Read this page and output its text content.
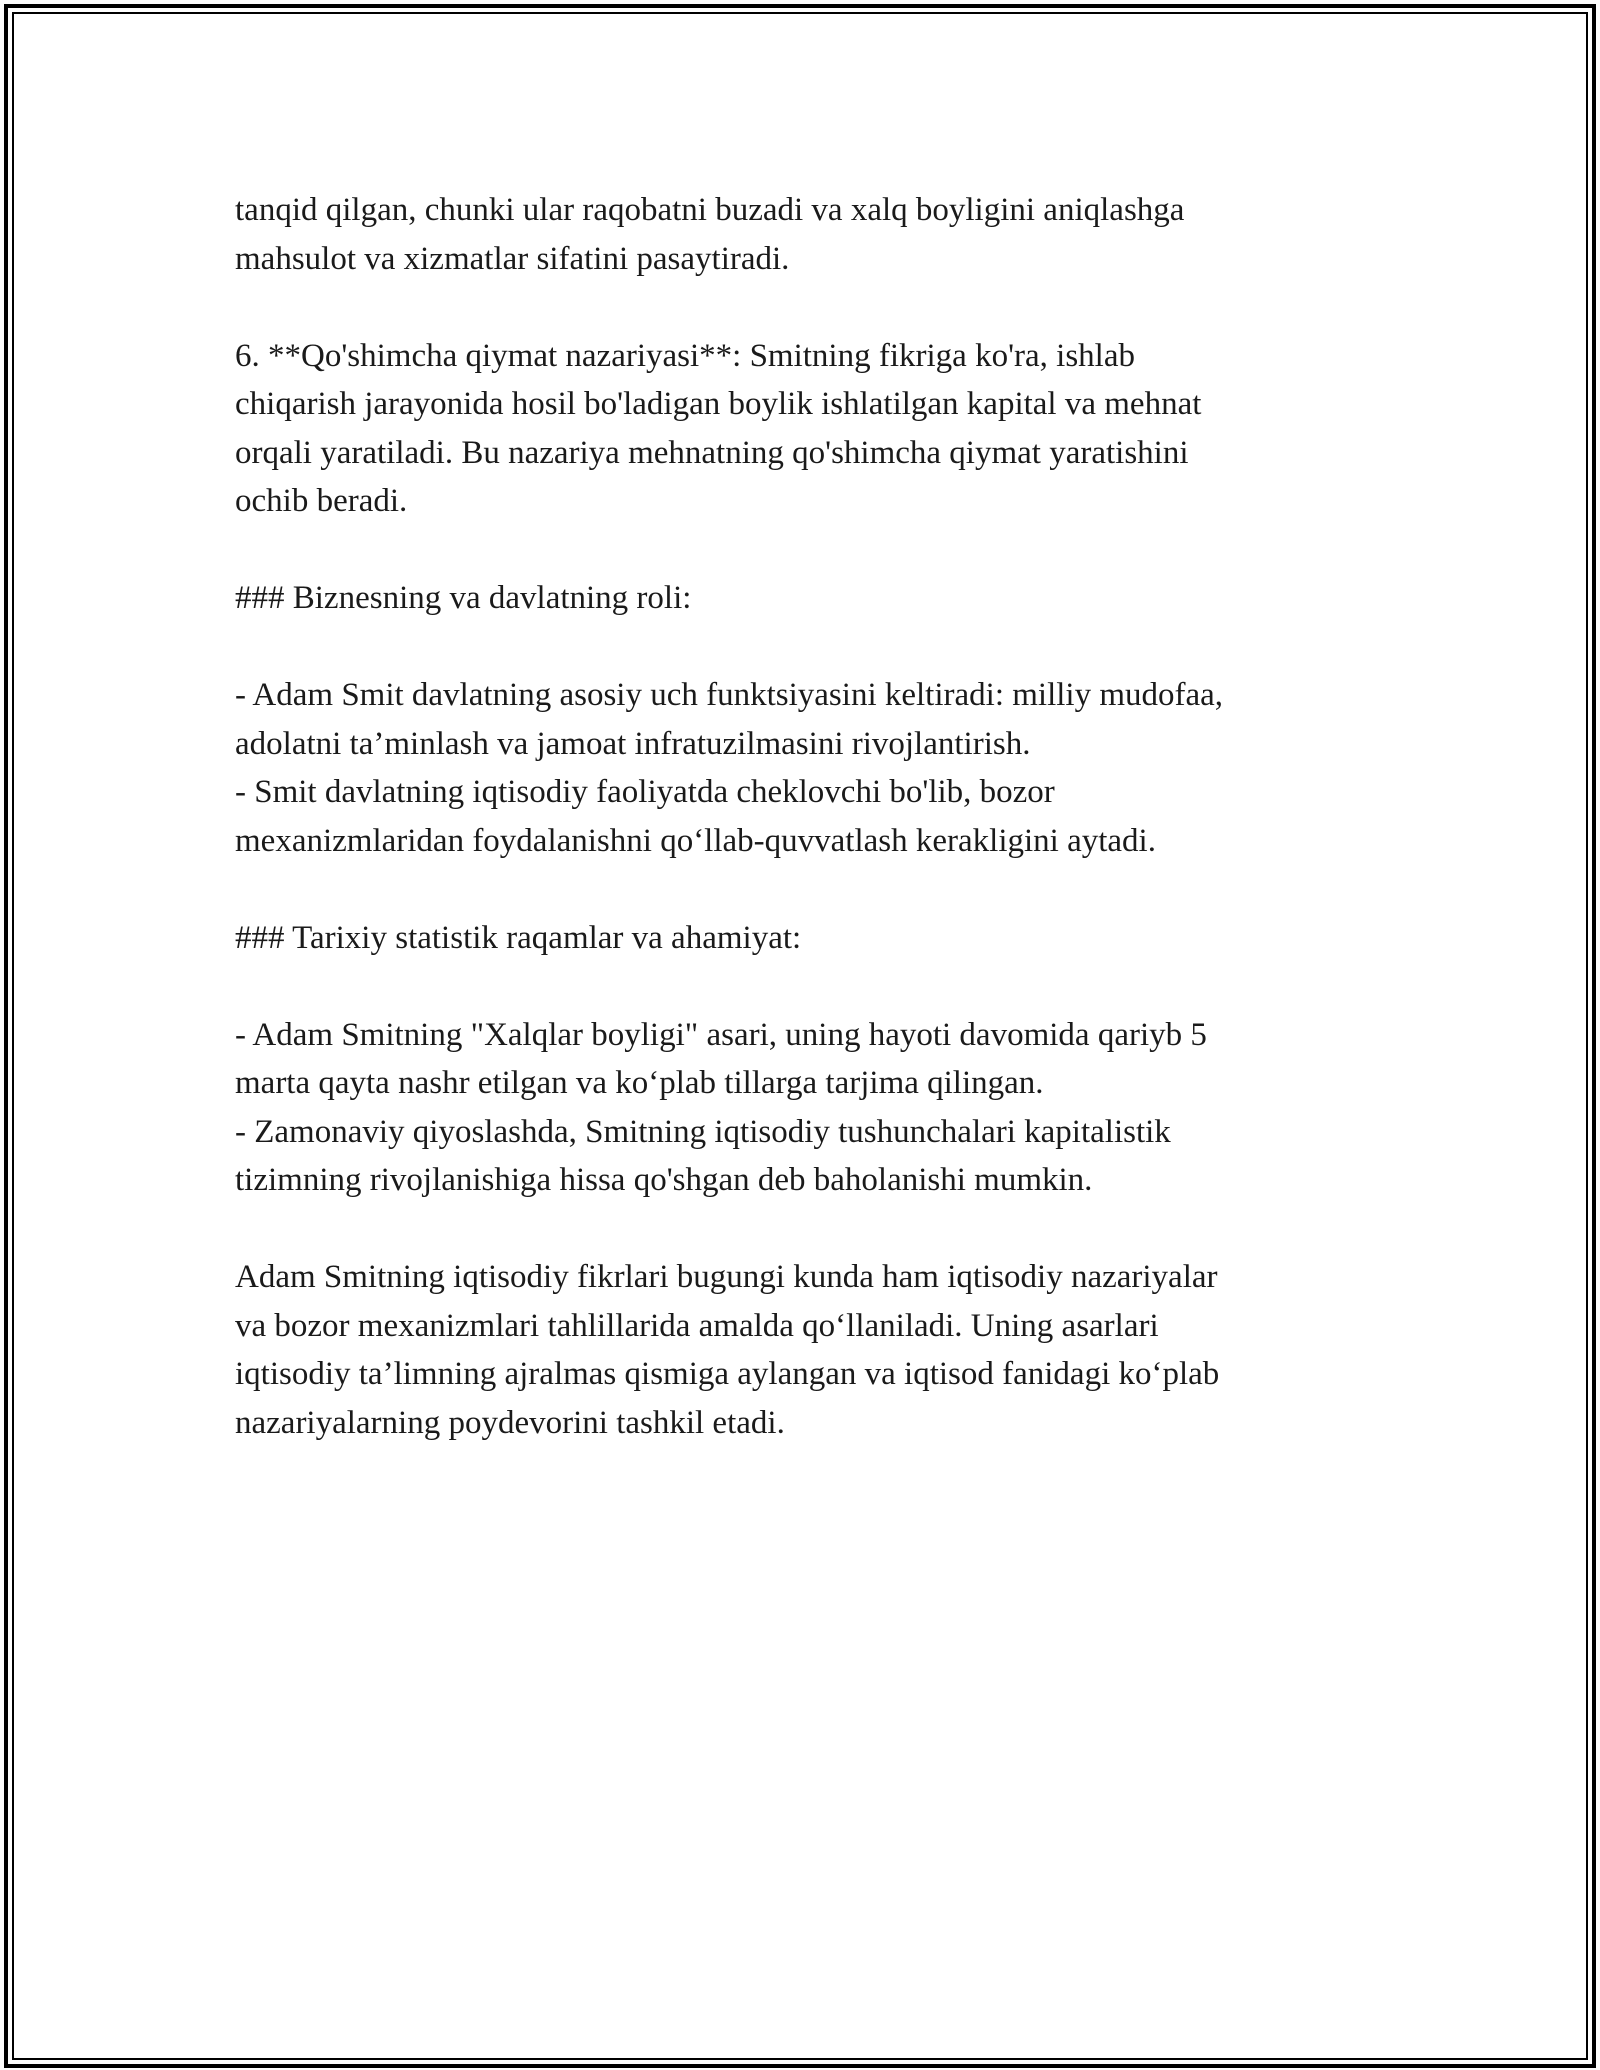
tanqid qilgan, chunki ular raqobatni buzadi va xalq boyligini aniqlashga
mahsulot va xizmatlar sifatini pasaytiradi.

6. **Qo'shimcha qiymat nazariyasi**: Smitning fikriga ko'ra, ishlab
chiqarish jarayonida hosil bo'ladigan boylik ishlatilgan kapital va mehnat
orqali yaratiladi. Bu nazariya mehnatning qo'shimcha qiymat yaratishini
ochib beradi.

### Biznesning va davlatning roli:

- Adam Smit davlatning asosiy uch funktsiyasini keltiradi: milliy mudofaa,
adolatni ta’minlash va jamoat infratuzilmasini rivojlantirish.

- Smit davlatning iqtisodiy faoliyatda cheklovchi bo'lib, bozor
mexanizmlaridan foydalanishni qo‘llab-quvvatlash kerakligini aytadi.

### Tarixiy statistik raqamlar va ahamiyat:

- Adam Smitning "Xalqlar boyligi" asari, uning hayoti davomida qariyb 5
marta qayta nashr etilgan va ko‘plab tillarga tarjima qilingan.

- Zamonaviy qiyoslashda, Smitning iqtisodiy tushunchalari kapitalistik
tizimning rivojlanishiga hissa qo'shgan deb baholanishi mumkin.

Adam Smitning iqtisodiy fikrlari bugungi kunda ham iqtisodiy nazariyalar
va bozor mexanizmlari tahlillarida amalda qo‘llaniladi. Uning asarlari
iqtisodiy ta’limning ajralmas qismiga aylangan va iqtisod fanidagi ko‘plab
nazariyalarning poydevorini tashkil etadi.
